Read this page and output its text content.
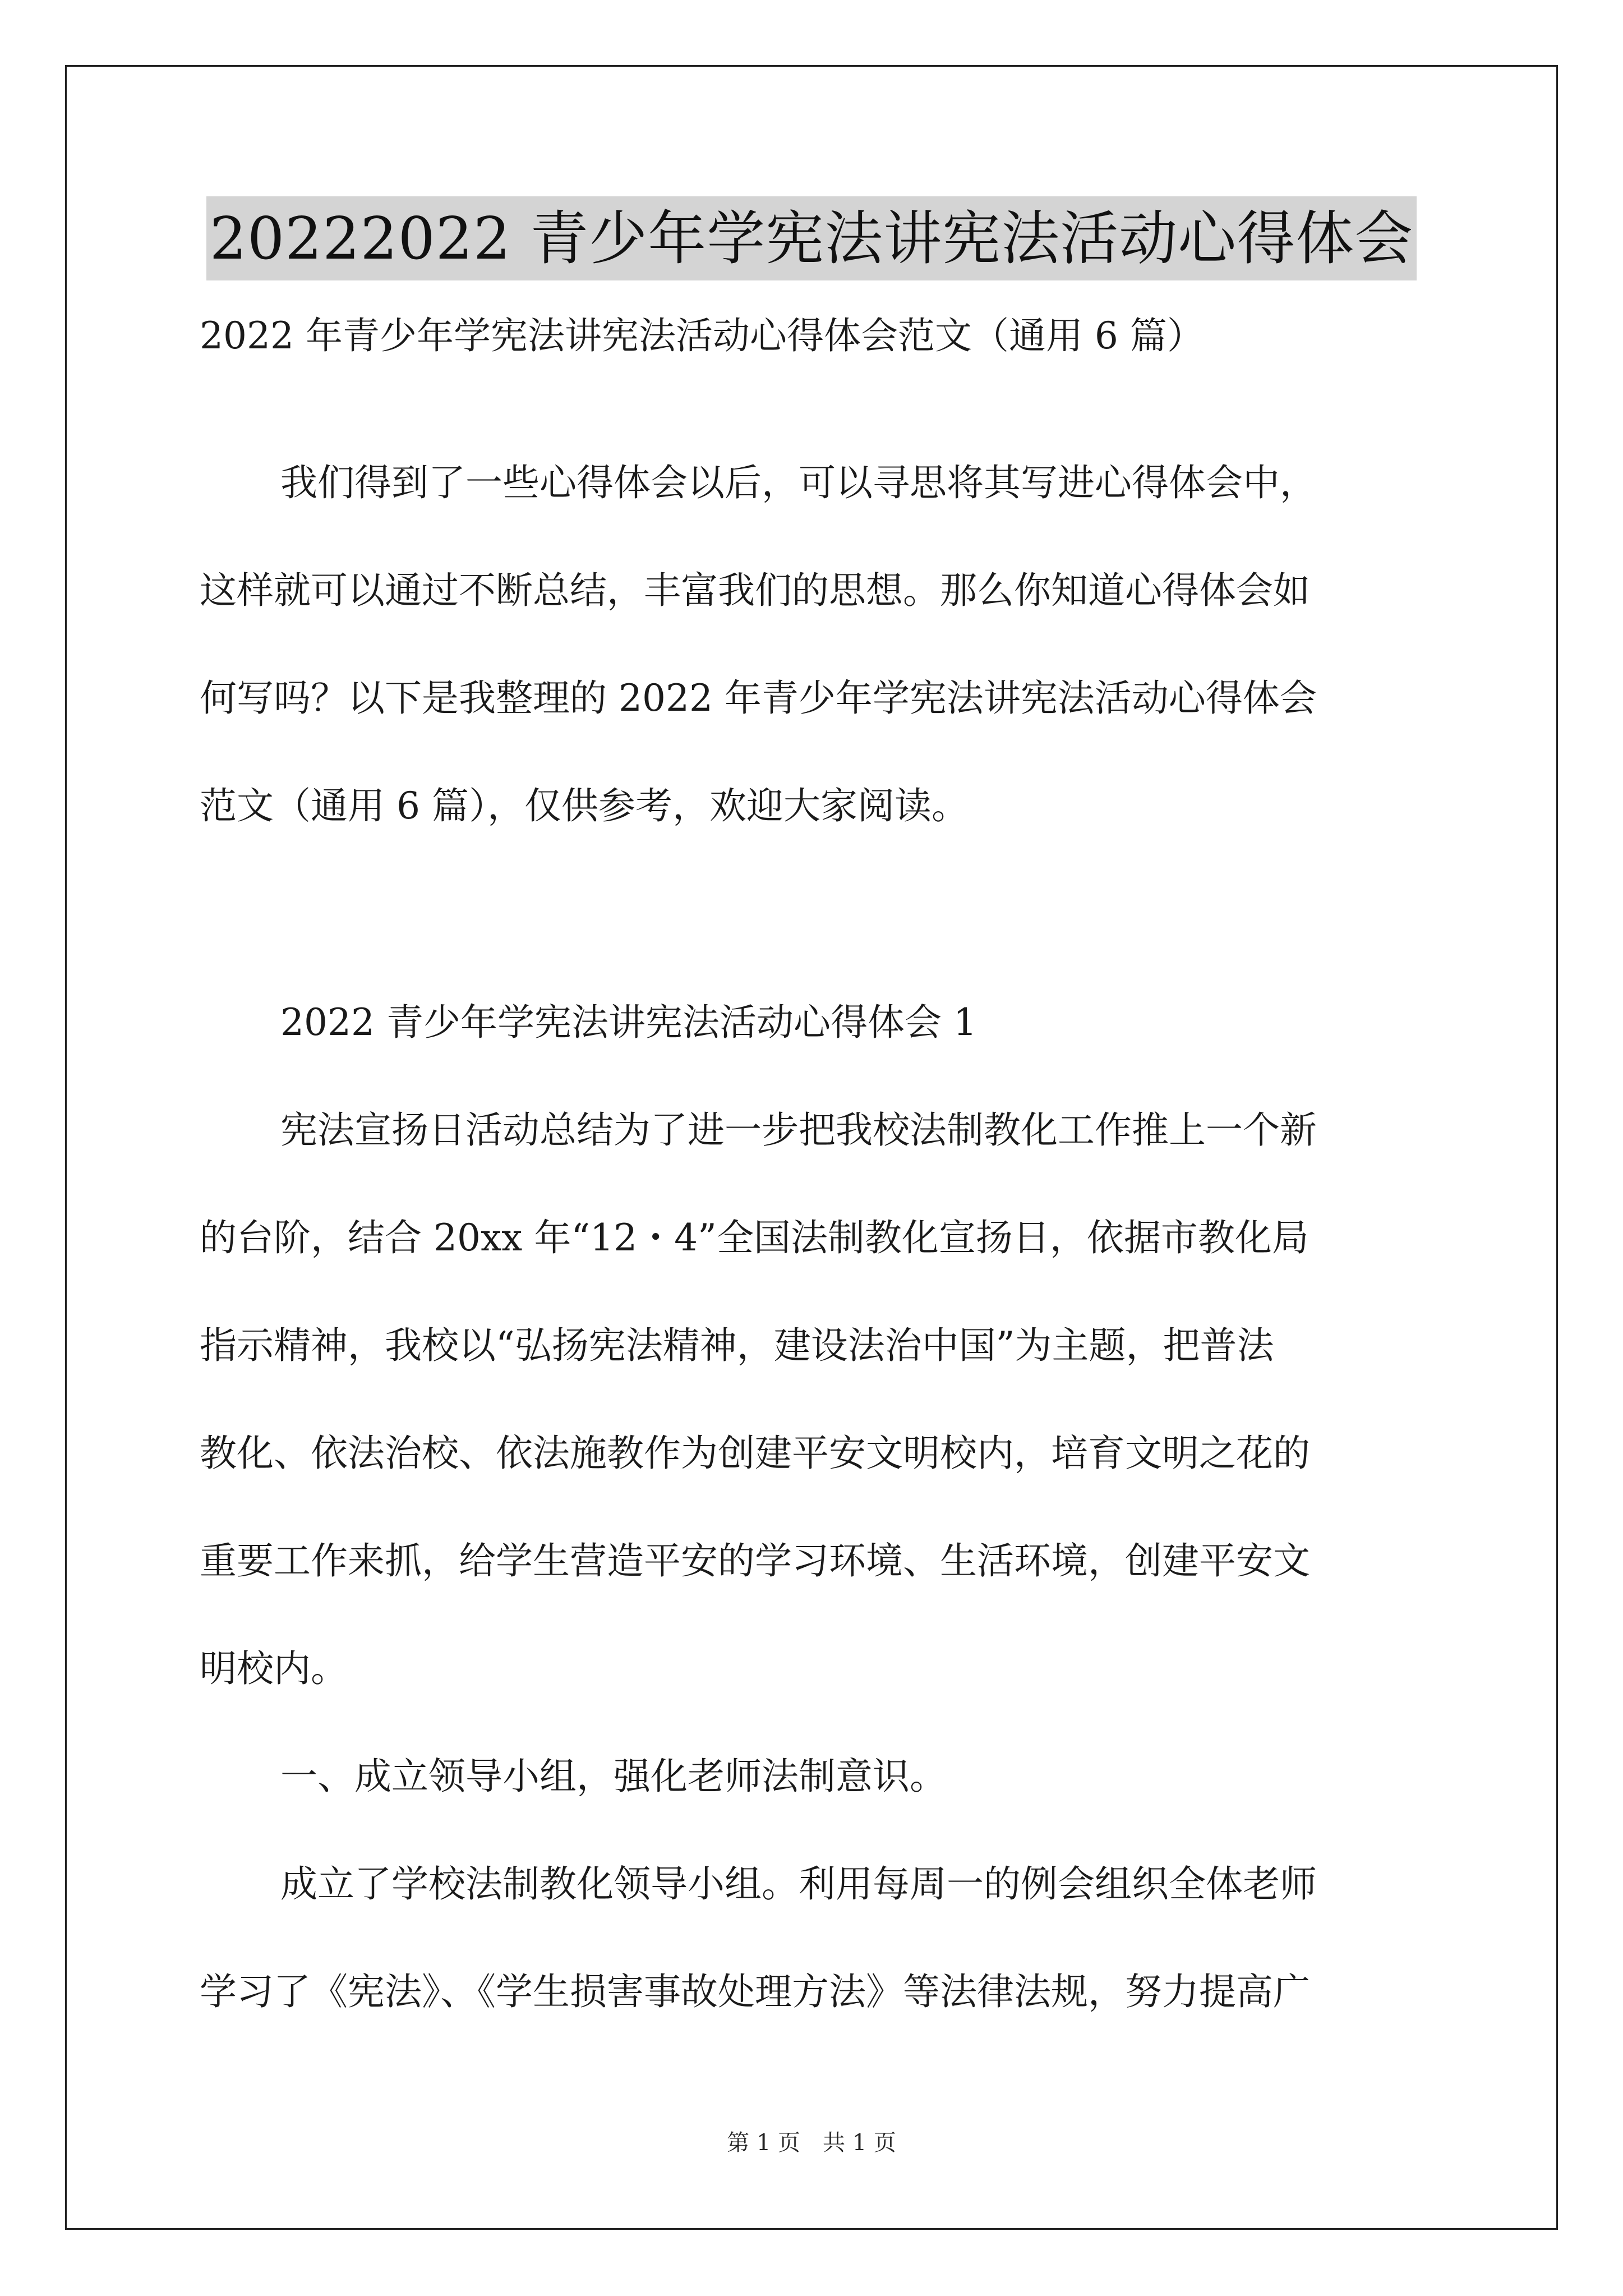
20222022 青少年学宪法讲宪法活动心得体会
2022 年青少年学宪法讲宪法活动心得体会范文（通用 6 篇）
我们得到了一些心得体会以后，可以寻思将其写进心得体会中，
这样就可以通过不断总结，丰富我们的思想。那么你知道心得体会如
何写吗？以下是我整理的 2022 年青少年学宪法讲宪法活动心得体会
范文（通用 6 篇），仅供参考，欢迎大家阅读。
2022 青少年学宪法讲宪法活动心得体会 1
宪法宣扬日活动总结为了进一步把我校法制教化工作推上一个新
的台阶，结合 20xx 年“12・4”全国法制教化宣扬日，依据市教化局
指示精神，我校以“弘扬宪法精神，建设法治中国”为主题，把普法
教化、依法治校、依法施教作为创建平安文明校内，培育文明之花的
重要工作来抓，给学生营造平安的学习环境、生活环境，创建平安文
明校内。
一、成立领导小组，强化老师法制意识。
成立了学校法制教化领导小组。利用每周一的例会组织全体老师
学习了《宪法》、《学生损害事故处理方法》等法律法规，努力提高广
第 1 页　共 1 页
